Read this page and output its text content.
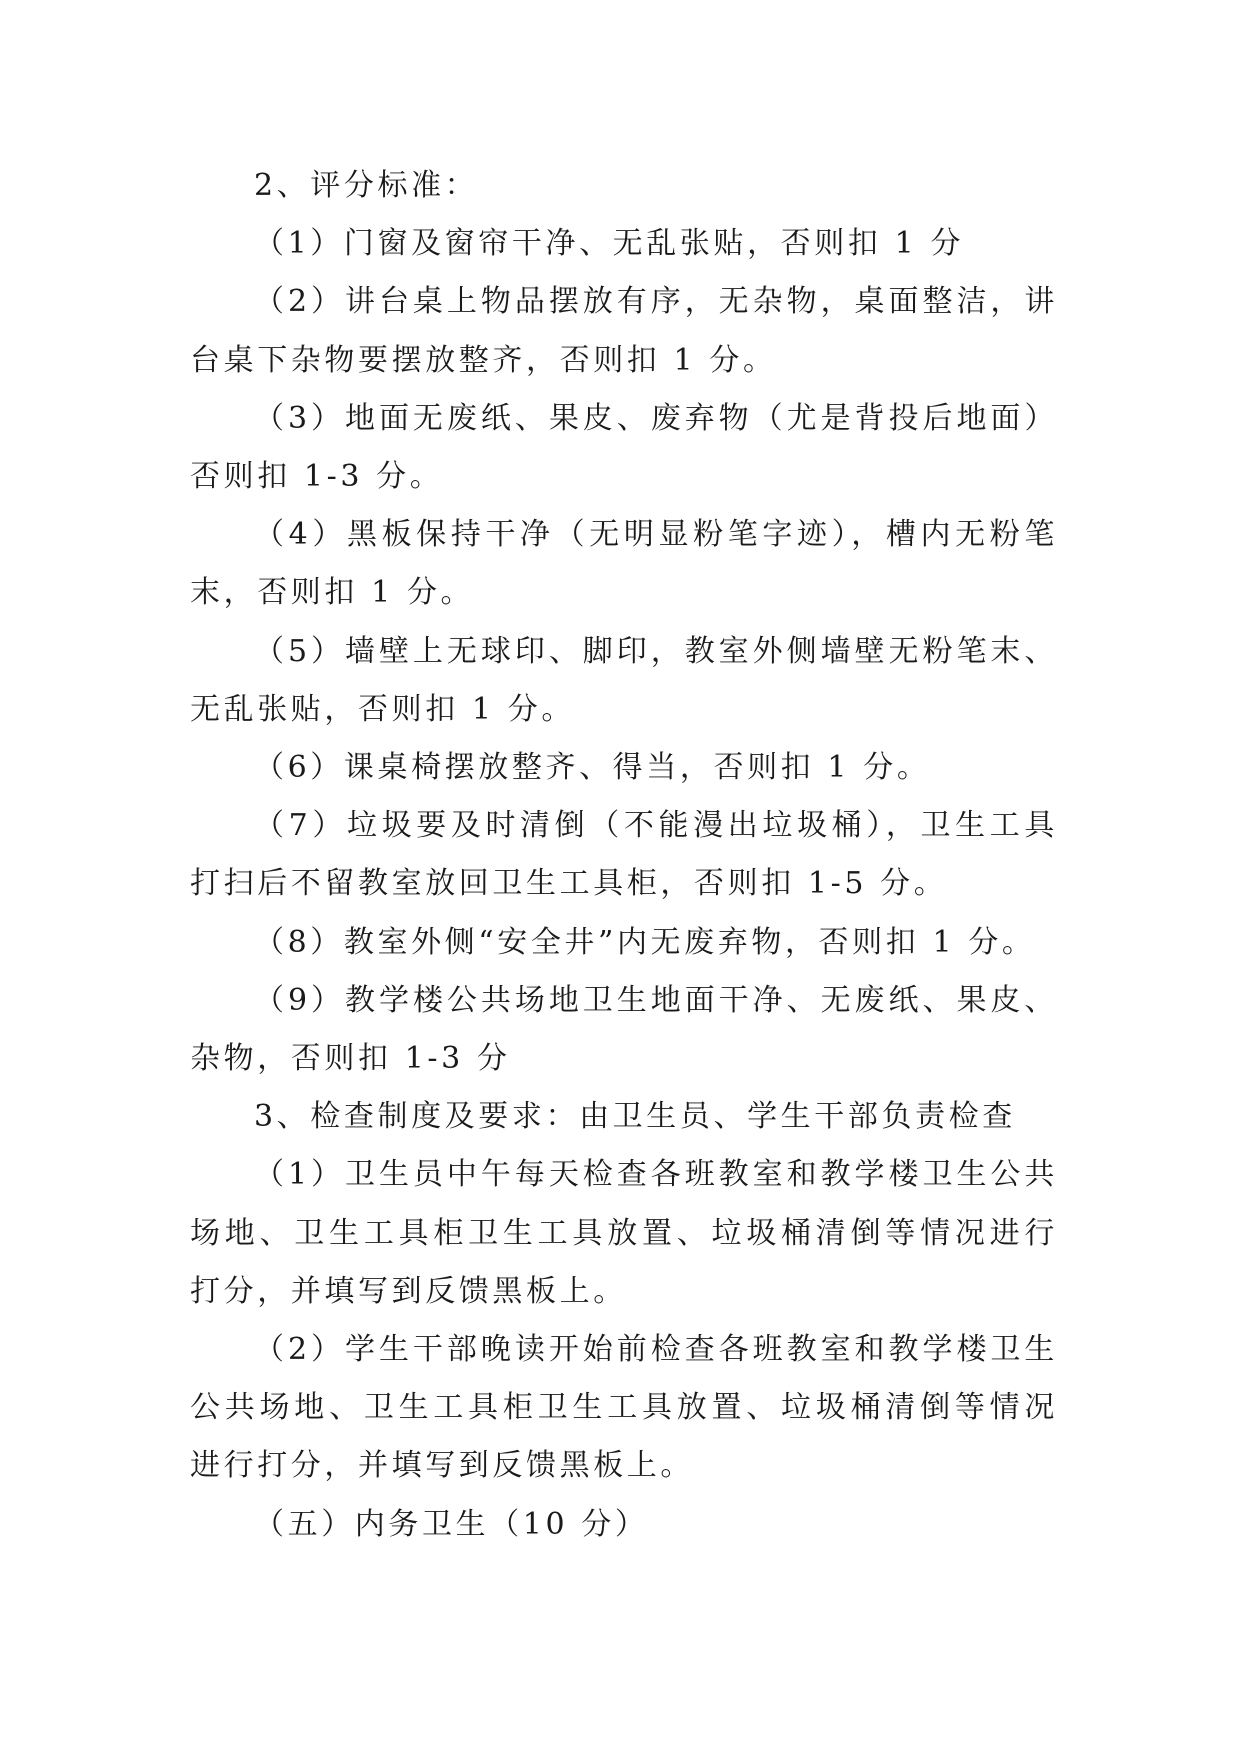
2、评分标准：

（1）门窗及窗帘干净、无乱张贴，否则扣 1 分

（2）讲台桌上物品摆放有序，无杂物，桌面整洁，讲台桌下杂物要摆放整齐，否则扣 1 分。

（3）地面无废纸、果皮、废弃物（尤是背投后地面）否则扣 1-3 分。

（4）黑板保持干净（无明显粉笔字迹），槽内无粉笔末，否则扣 1 分。

（5）墙壁上无球印、脚印，教室外侧墙壁无粉笔末、无乱张贴，否则扣 1 分。

（6）课桌椅摆放整齐、得当，否则扣 1 分。

（7）垃圾要及时清倒（不能漫出垃圾桶），卫生工具打扫后不留教室放回卫生工具柜，否则扣 1-5 分。

（8）教室外侧“安全井”内无废弃物，否则扣 1 分。

（9）教学楼公共场地卫生地面干净、无废纸、果皮、杂物，否则扣 1-3 分

3、检查制度及要求：由卫生员、学生干部负责检查

（1）卫生员中午每天检查各班教室和教学楼卫生公共场地、卫生工具柜卫生工具放置、垃圾桶清倒等情况进行打分，并填写到反馈黑板上。

（2）学生干部晚读开始前检查各班教室和教学楼卫生公共场地、卫生工具柜卫生工具放置、垃圾桶清倒等情况进行打分，并填写到反馈黑板上。

（五）内务卫生（10 分）
